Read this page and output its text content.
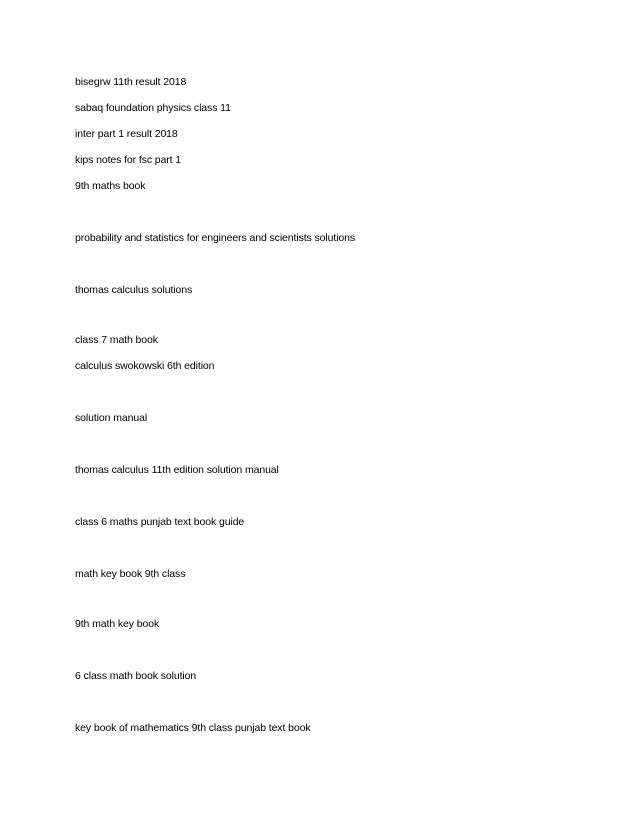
bisegrw 11th result 2018
sabaq foundation physics class 11
inter part 1 result 2018
kips notes for fsc part 1
9th maths book
probability and statistics for engineers and scientists solutions
thomas calculus solutions
class 7 math book
calculus swokowski 6th edition
solution manual
thomas calculus 11th edition solution manual
class 6 maths punjab text book guide
math key book 9th class
9th math key book
6 class math book solution
key book of mathematics 9th class punjab text book
